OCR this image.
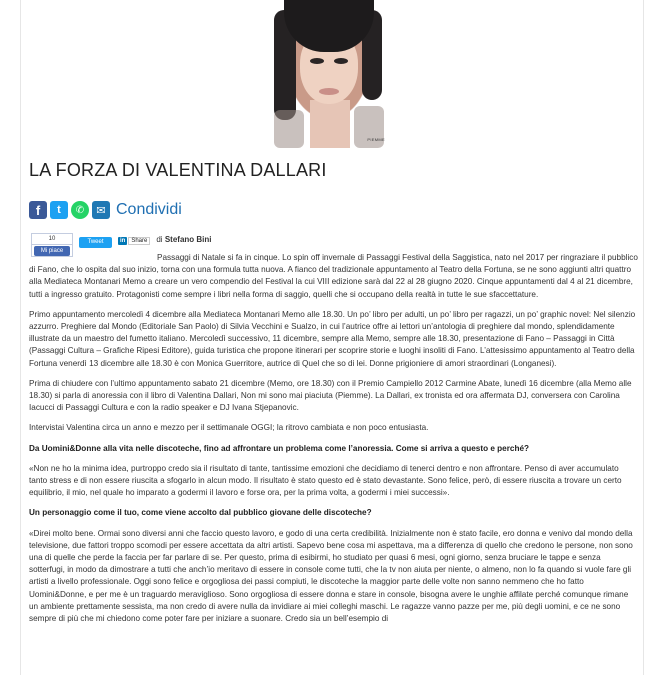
PIEMME
LA FORZA DI VALENTINA DALLARI
f	t	✆	✉ Condividi
10
Mi piace
Tweet	in	Share	di Stefano Bini

Passaggi di Natale si fa in cinque. Lo spin off invernale di Passaggi Festival della Saggistica, nato nel 2017 per ringraziare il pubblico di Fano, che lo ospita dal suo inizio, torna con una formula tutta nuova. A fianco del tradizionale appuntamento al Teatro della Fortuna, se ne sono aggiunti altri quattro alla Mediateca Montanari Memo a creare un vero compendio del Festival la cui VIII edizione sarà dal 22 al 28 giugno 2020. Cinque appuntamenti dal 4 al 21 dicembre, tutti a ingresso gratuito. Protagonisti come sempre i libri nella forma di saggio, quelli che si occupano della realtà in tutte le sue sfaccettature.

Primo appuntamento mercoledì 4 dicembre alla Mediateca Montanari Memo alle 18.30. Un po’ libro per adulti, un po’ libro per ragazzi, un po’ graphic novel: Nel silenzio azzurro. Preghiere dal Mondo (Editoriale San Paolo) di Silvia Vecchini e Sualzo, in cui l’autrice offre ai lettori un’antologia di preghiere dal mondo, splendidamente illustrate da un maestro del fumetto italiano. Mercoledì successivo, 11 dicembre, sempre alla Memo, sempre alle 18.30, presentazione di Fano – Passaggi in Città (Passaggi Cultura – Grafiche Ripesi Editore), guida turistica che propone itinerari per scoprire storie e luoghi insoliti di Fano. L’attesissimo appuntamento al Teatro della Fortuna venerdì 13 dicembre alle 18.30 è con Monica Guerritore, autrice di Quel che so di lei. Donne prigioniere di amori straordinari (Longanesi).

Prima di chiudere con l’ultimo appuntamento sabato 21 dicembre (Memo, ore 18.30) con il Premio Campiello 2012 Carmine Abate, lunedì 16 dicembre (alla Memo alle 18.30) si parla di anoressia con il libro di Valentina Dallari, Non mi sono mai piaciuta (Piemme). La Dallari, ex tronista ed ora affermata DJ, conversera con Carolina Iacucci di Passaggi Cultura e con la radio speaker e DJ Ivana Stjepanovic.

Intervistai Valentina circa un anno e mezzo per il settimanale OGGI; la ritrovo cambiata e non poco entusiasta.

Da Uomini&Donne alla vita nelle discoteche, fino ad affrontare un problema come l’anoressia. Come si arriva a questo e perché?

«Non ne ho la minima idea, purtroppo credo sia il risultato di tante, tantissime emozioni che decidiamo di tenerci dentro e non affrontare. Penso di aver accumulato tanto stress e di non essere riuscita a sfogarlo in alcun modo. Il risultato è stato questo ed è stato devastante. Sono felice, però, di essere riuscita a trovare un certo equilibrio, il mio, nel quale ho imparato a godermi il lavoro e forse ora, per la prima volta, a godermi i miei successi».

Un personaggio come il tuo, come viene accolto dal pubblico giovane delle discoteche?

«Direi molto bene. Ormai sono diversi anni che faccio questo lavoro, e godo di una certa credibilità. Inizialmente non è stato facile, ero donna e venivo dal mondo della televisione, due fattori troppo scomodi per essere accettata da altri artisti. Sapevo bene cosa mi aspettava, ma a differenza di quello che credono le persone, non sono una di quelle che perde la faccia per far parlare di se. Per questo, prima di esibirmi, ho studiato per quasi 6 mesi, ogni giorno, senza bruciare le tappe e senza sotterfugi, in modo da dimostrare a tutti che anch’io meritavo di essere in console come tutti, che la tv non aiuta per niente, o almeno, non lo fa quando si vuole fare gli artisti a livello professionale. Oggi sono felice e orgogliosa dei passi compiuti, le discoteche la maggior parte delle volte non sanno nemmeno che ho fatto Uomini&Donne, e per me è un traguardo meraviglioso. Sono orgogliosa di essere donna e stare in console, bisogna avere le unghie affilate perché comunque rimane un ambiente prettamente sessista, ma non credo di avere nulla da invidiare ai miei colleghi maschi. Le ragazze vanno pazze per me, più degli uomini, e ce ne sono sempre di più che mi chiedono come poter fare per iniziare a suonare. Credo sia un bell’esempio di
